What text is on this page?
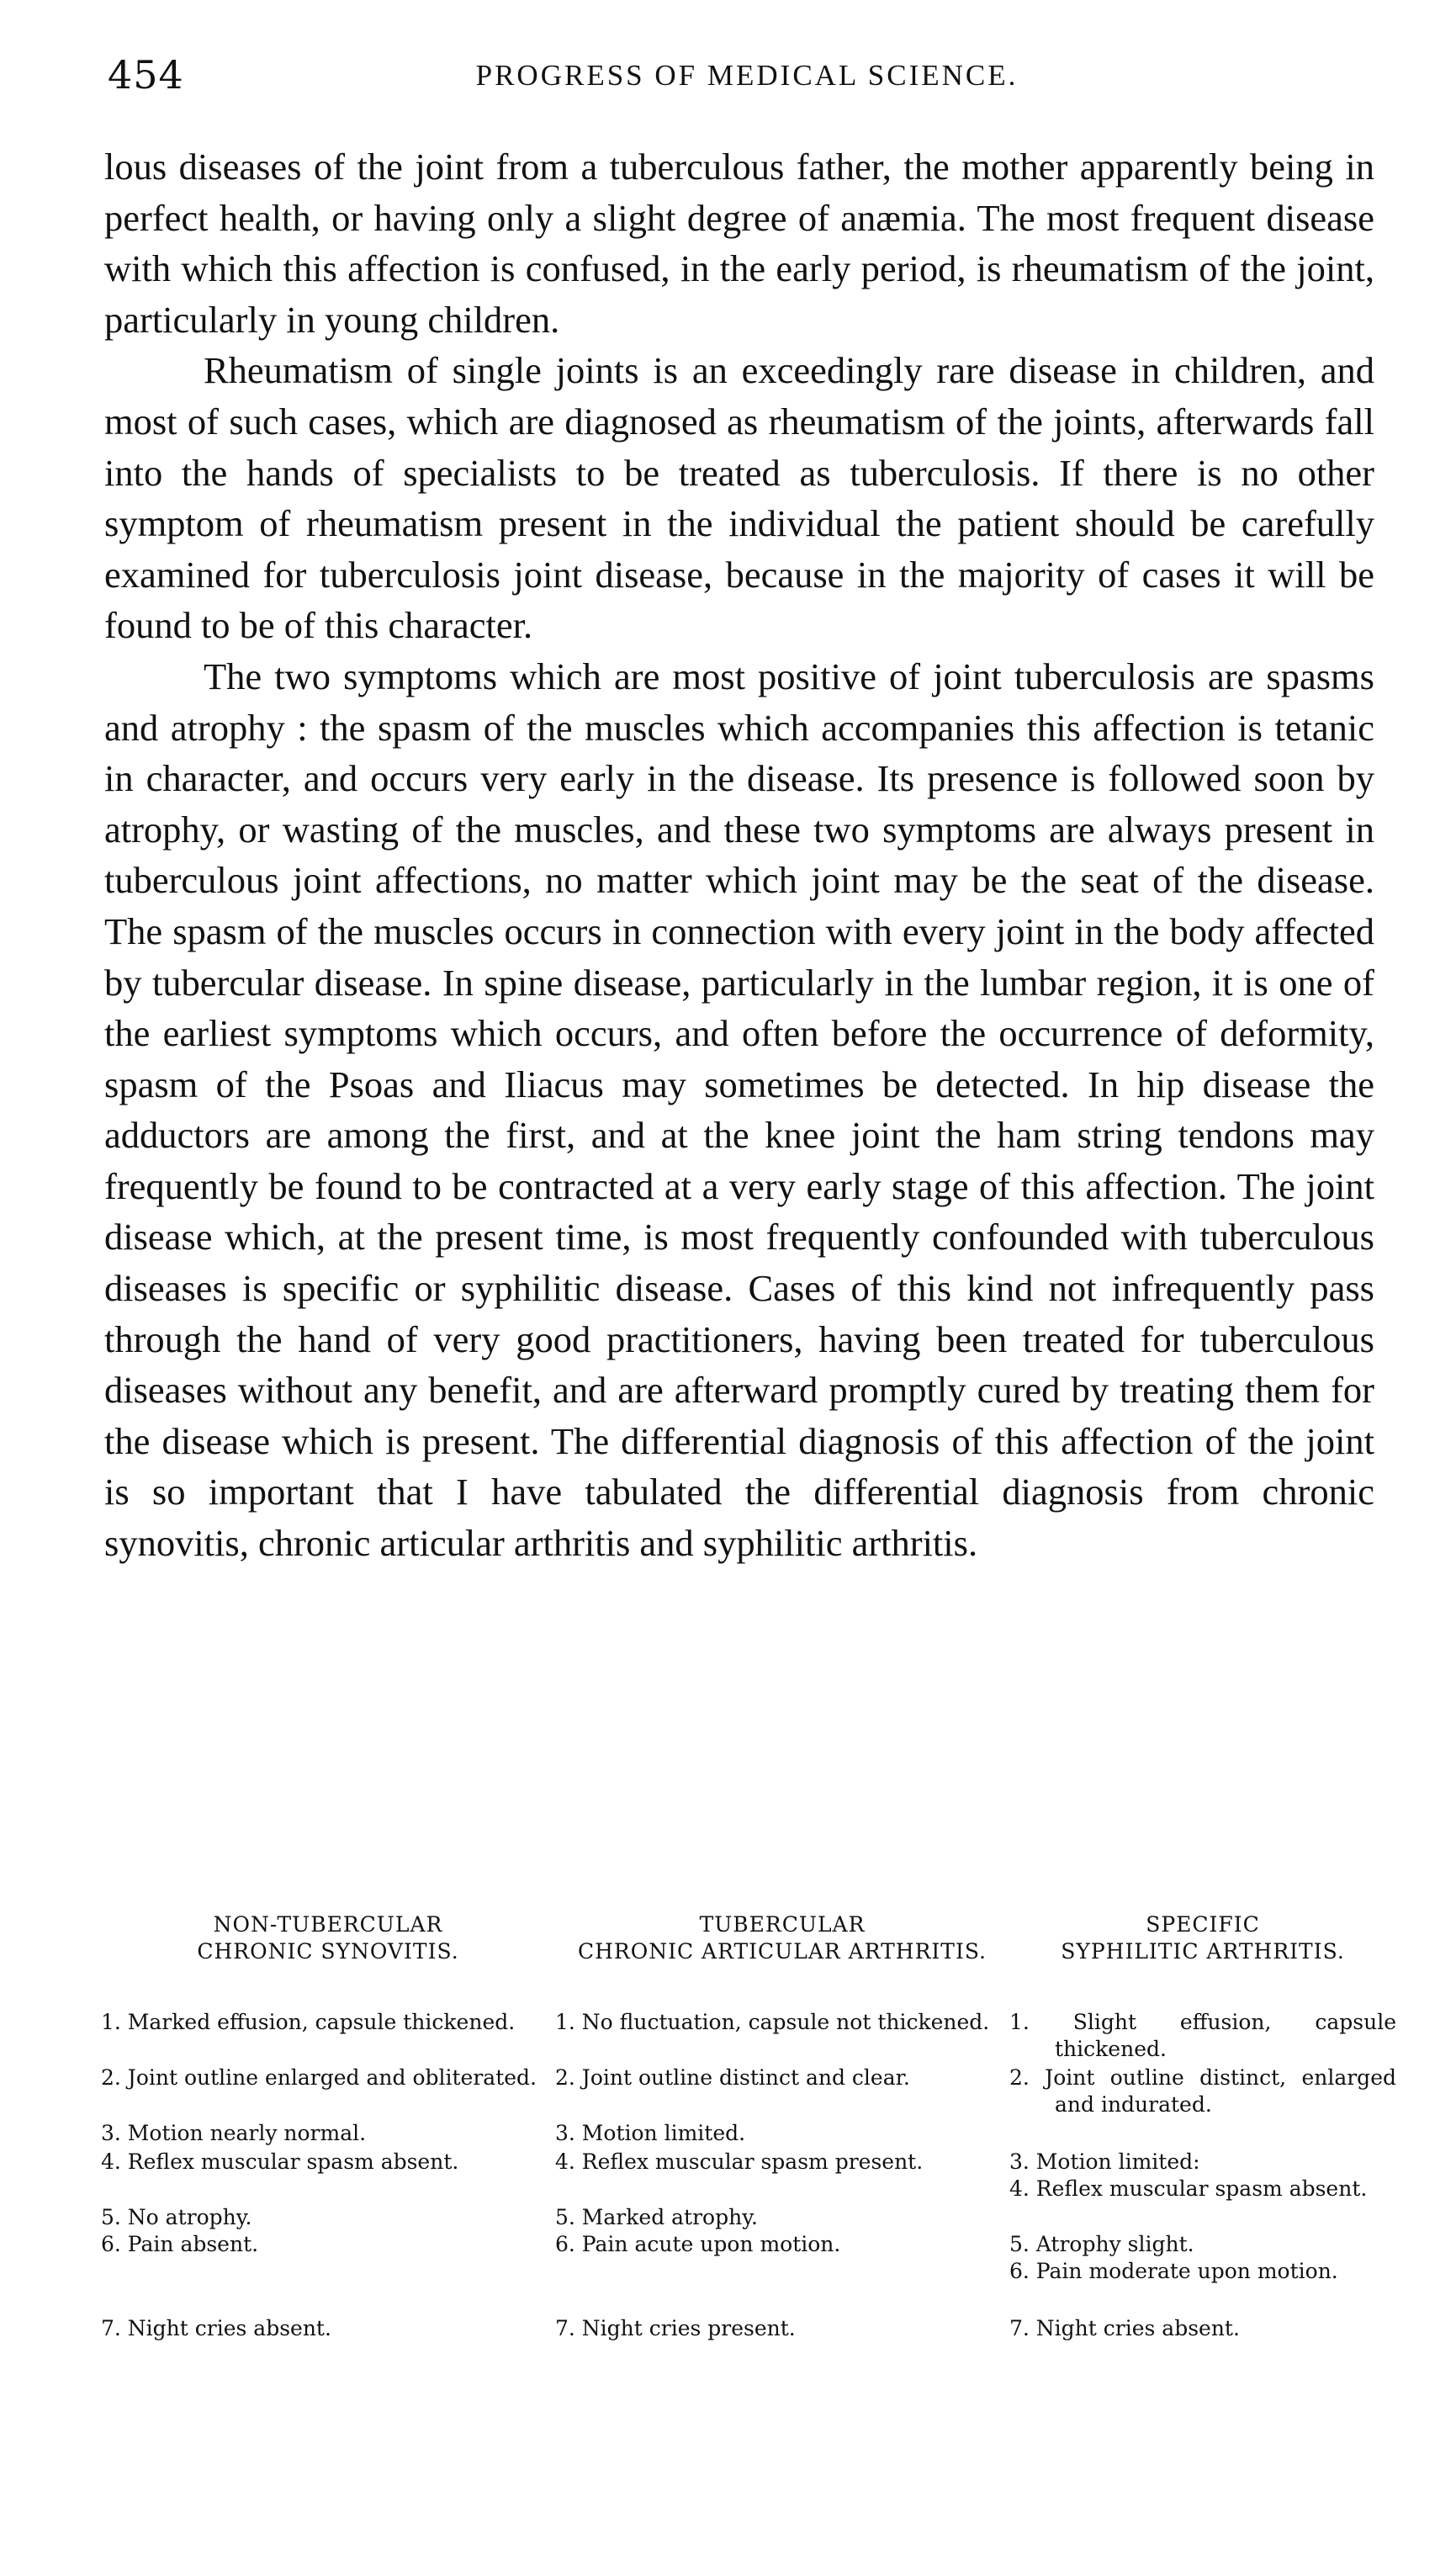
454	PROGRESS OF MEDICAL SCIENCE.

lous diseases of the joint from a tuberculous father, the mother apparently being in perfect health, or having only a slight degree of anæmia. The most frequent disease with which this affection is confused, in the early period, is rheumatism of the joint, particularly in young children.

Rheumatism of single joints is an exceedingly rare disease in children, and most of such cases, which are diagnosed as rheumatism of the joints, afterwards fall into the hands of specialists to be treated as tuberculosis. If there is no other symptom of rheumatism present in the individual the patient should be carefully examined for tuberculosis joint disease, because in the majority of cases it will be found to be of this character.

The two symptoms which are most positive of joint tuberculosis are spasms and atrophy : the spasm of the muscles which accompanies this affection is tetanic in character, and occurs very early in the disease. Its presence is followed soon by atrophy, or wasting of the muscles, and these two symptoms are always present in tuberculous joint affections, no matter which joint may be the seat of the disease. The spasm of the muscles occurs in connection with every joint in the body affected by tubercular disease. In spine disease, particularly in the lumbar region, it is one of the earliest symptoms which occurs, and often before the occurrence of deformity, spasm of the Psoas and Iliacus may sometimes be detected. In hip disease the adductors are among the first, and at the knee joint the ham string tendons may frequently be found to be contracted at a very early stage of this affection. The joint disease which, at the present time, is most frequently confounded with tuberculous diseases is specific or syphilitic disease. Cases of this kind not infrequently pass through the hand of very good practitioners, having been treated for tuberculous diseases without any benefit, and are afterward promptly cured by treating them for the disease which is present. The differential diagnosis of this affection of the joint is so important that I have tabulated the differential diagnosis from chronic synovitis, chronic articular arthritis and syphilitic arthritis.

NON-TUBERCULAR
CHRONIC SYNOVITIS.
1. Marked effusion, capsule thickened.
2. Joint outline enlarged and obliterated.
3. Motion nearly normal.
4. Reflex muscular spasm absent.
5. No atrophy.
6. Pain absent.
7. Night cries absent.
TUBERCULAR
CHRONIC ARTICULAR ARTHRITIS.
1. No fluctuation, capsule not thickened.
2. Joint outline distinct and clear.
3. Motion limited.
4. Reflex muscular spasm present.
5. Marked atrophy.
6. Pain acute upon motion.
7. Night cries present.
SPECIFIC
SYPHILITIC ARTHRITIS.
1. Slight effusion, capsule thickened.
2. Joint outline distinct, enlarged and indurated.
3. Motion limited:
4. Reflex muscular spasm absent.
5. Atrophy slight.
6. Pain moderate upon motion.
7. Night cries absent.
